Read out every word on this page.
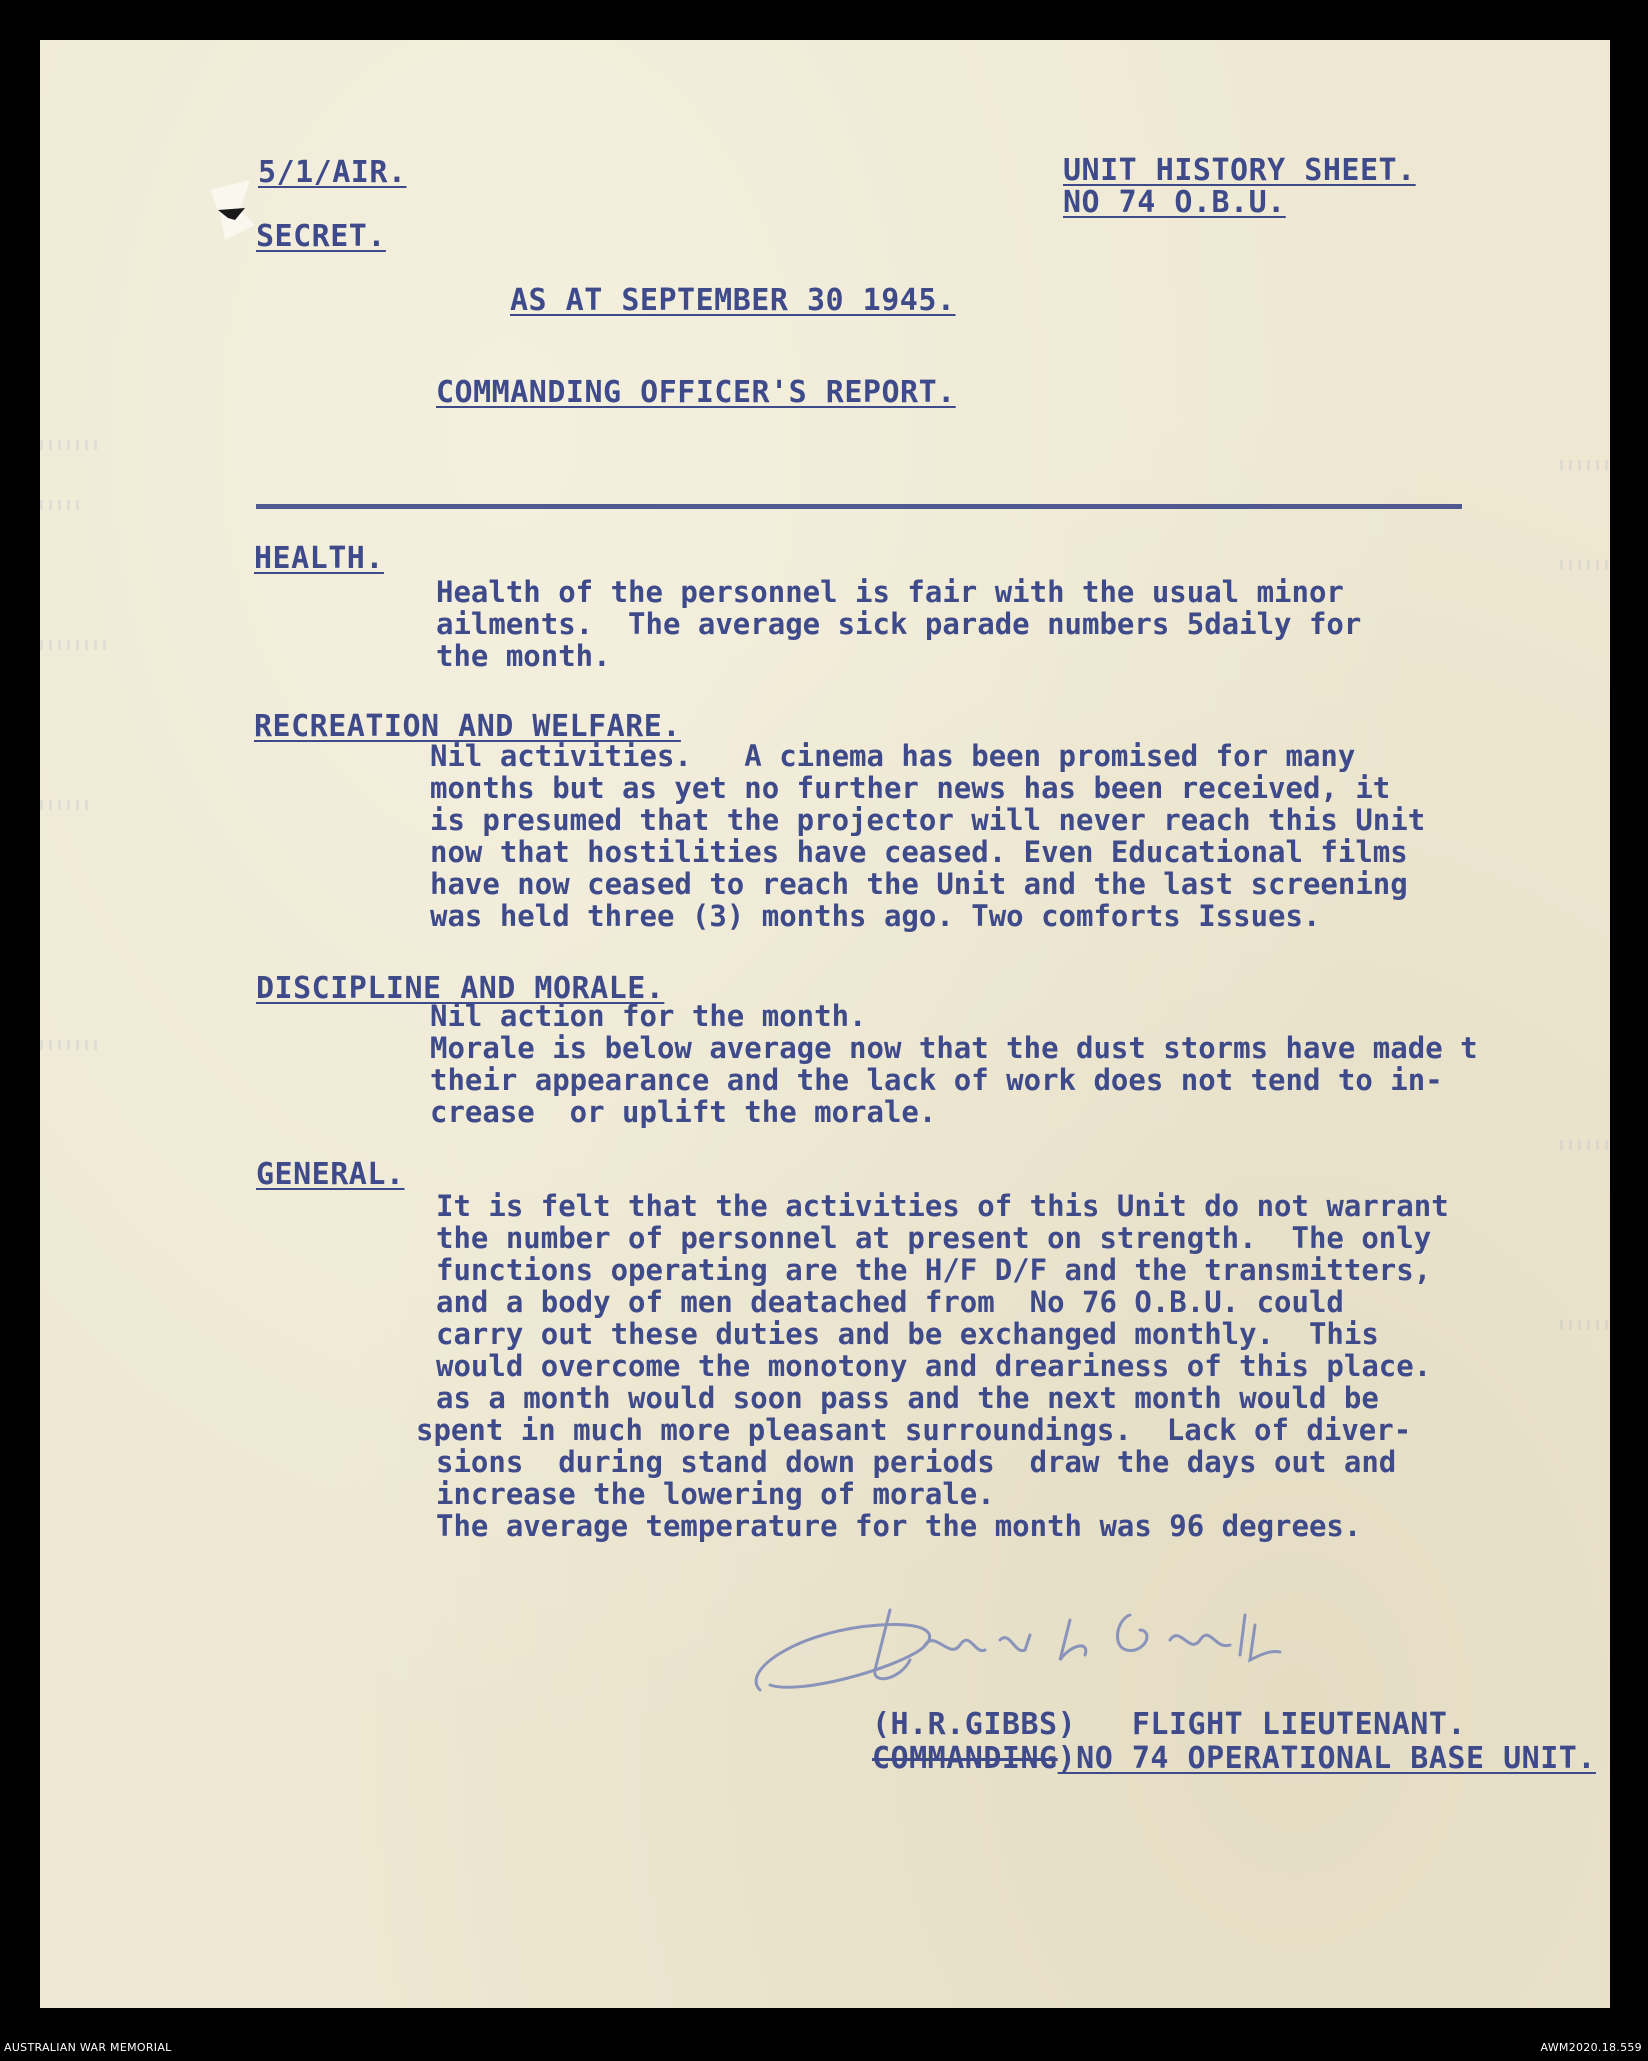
5/1/AIR.

SECRET.

UNIT HISTORY SHEET.

NO 74 O.B.U.

AS AT SEPTEMBER 30 1945.

COMMANDING OFFICER'S REPORT.

HEALTH.

Health of the personnel is fair with the usual minor

ailments.  The average sick parade numbers 5daily for

the month.

RECREATION AND WELFARE.

Nil activities.   A cinema has been promised for many

months but as yet no further news has been received, it

is presumed that the projector will never reach this Unit

now that hostilities have ceased. Even Educational films

have now ceased to reach the Unit and the last screening

was held three (3) months ago. Two comforts Issues.

DISCIPLINE AND MORALE.

Nil action for the month.

Morale is below average now that the dust storms have made t

their appearance and the lack of work does not tend to in-

crease  or uplift the morale.

GENERAL.

It is felt that the activities of this Unit do not warrant

the number of personnel at present on strength.  The only

functions operating are the H/F D/F and the transmitters,

and a body of men deatached from  No 76 O.B.U. could

carry out these duties and be exchanged monthly.  This

would overcome the monotony and dreariness of this place.

as a month would soon pass and the next month would be

spent in much more pleasant surroundings.  Lack of diver-

sions  during stand down periods  draw the days out and

increase the lowering of morale.

The average temperature for the month was 96 degrees.

(H.R.GIBBS)   FLIGHT LIEUTENANT.

COMMANDING)NO 74 OPERATIONAL BASE UNIT.
AUSTRALIAN WAR MEMORIAL	AWM2020.18.559
